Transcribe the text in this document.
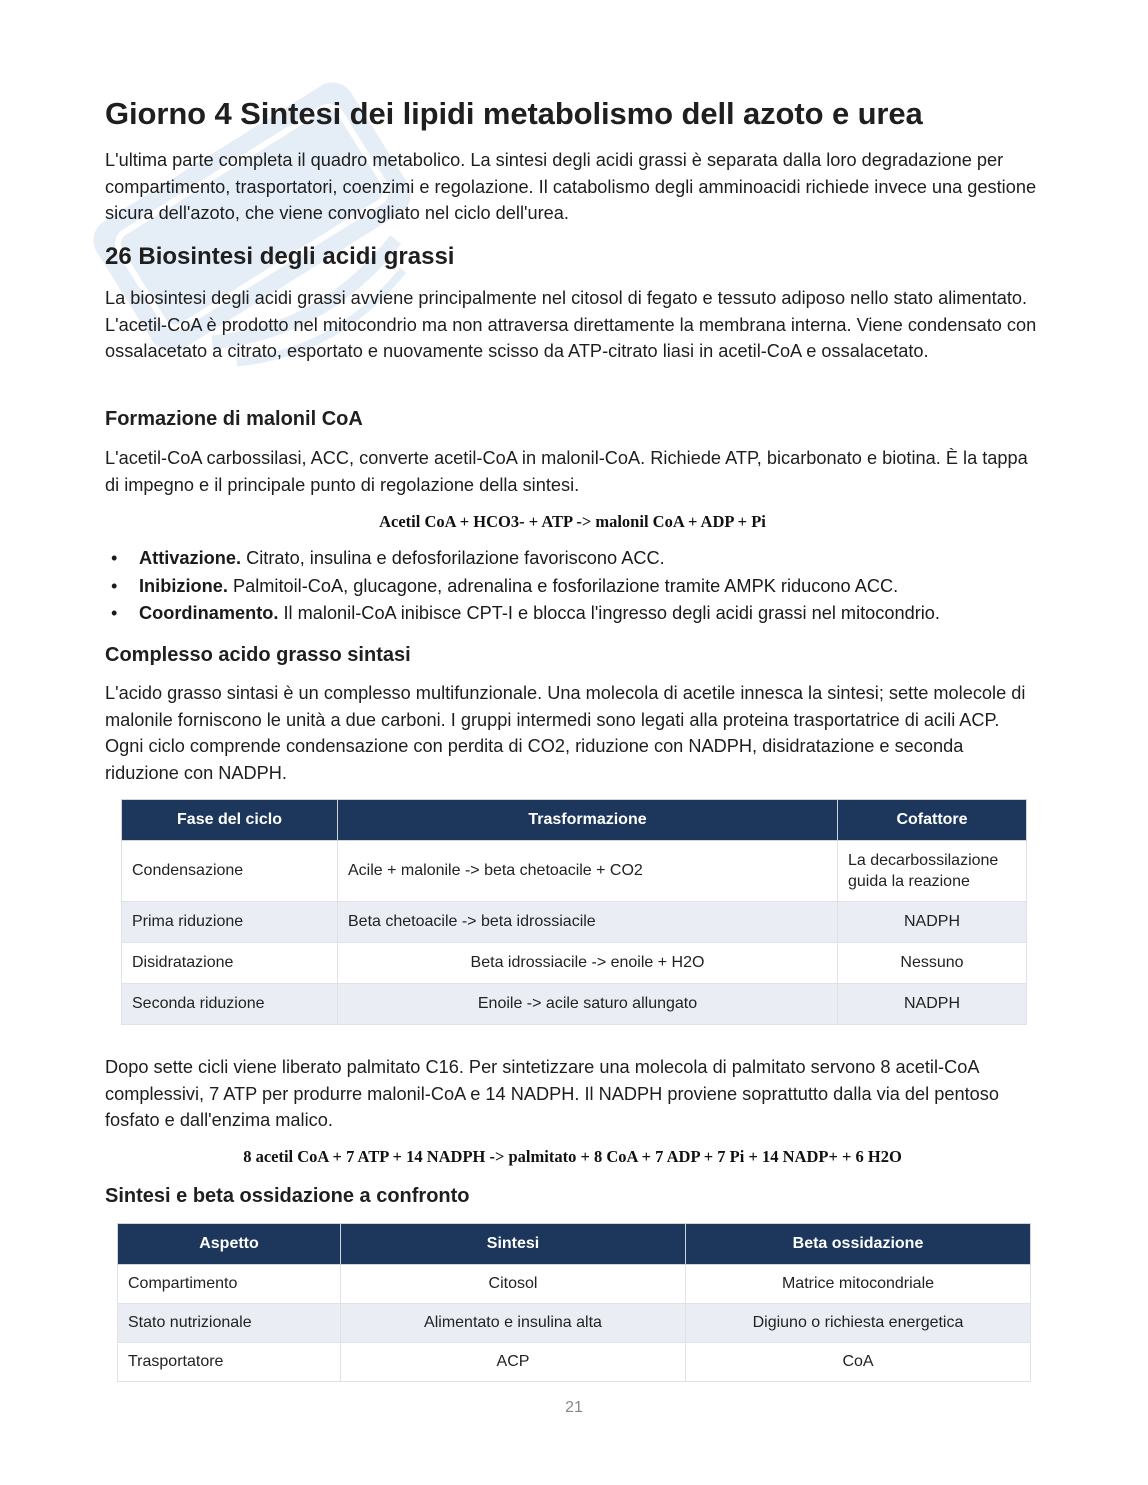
Giorno 4 Sintesi dei lipidi metabolismo dell azoto e urea

L'ultima parte completa il quadro metabolico. La sintesi degli acidi grassi è separata dalla loro degradazione per compartimento, trasportatori, coenzimi e regolazione. Il catabolismo degli amminoacidi richiede invece una gestione sicura dell'azoto, che viene convogliato nel ciclo dell'urea.

26 Biosintesi degli acidi grassi

La biosintesi degli acidi grassi avviene principalmente nel citosol di fegato e tessuto adiposo nello stato alimentato. L'acetil-CoA è prodotto nel mitocondrio ma non attraversa direttamente la membrana interna. Viene condensato con ossalacetato a citrato, esportato e nuovamente scisso da ATP-citrato liasi in acetil-CoA e ossalacetato.

Formazione di malonil CoA

L'acetil-CoA carbossilasi, ACC, converte acetil-CoA in malonil-CoA. Richiede ATP, bicarbonato e biotina. È la tappa di impegno e il principale punto di regolazione della sintesi.

Acetil CoA + HCO3- + ATP -> malonil CoA + ADP + Pi

• Attivazione. Citrato, insulina e defosforilazione favoriscono ACC.
• Inibizione. Palmitoil-CoA, glucagone, adrenalina e fosforilazione tramite AMPK riducono ACC.
• Coordinamento. Il malonil-CoA inibisce CPT-I e blocca l'ingresso degli acidi grassi nel mitocondrio.
Complesso acido grasso sintasi

L'acido grasso sintasi è un complesso multifunzionale. Una molecola di acetile innesca la sintesi; sette molecole di malonile forniscono le unità a due carboni. I gruppi intermedi sono legati alla proteina trasportatrice di acili ACP. Ogni ciclo comprende condensazione con perdita di CO2, riduzione con NADPH, disidratazione e seconda riduzione con NADPH.

Fase del ciclo	Trasformazione	Cofattore
Condensazione	Acile + malonile -> beta chetoacile + CO2	La decarbossilazione guida la reazione
Prima riduzione	Beta chetoacile -> beta idrossiacile	NADPH
Disidratazione	Beta idrossiacile -> enoile + H2O	Nessuno
Seconda riduzione	Enoile -> acile saturo allungato	NADPH

Dopo sette cicli viene liberato palmitato C16. Per sintetizzare una molecola di palmitato servono 8 acetil-CoA complessivi, 7 ATP per produrre malonil-CoA e 14 NADPH. Il NADPH proviene soprattutto dalla via del pentoso fosfato e dall'enzima malico.

8 acetil CoA + 7 ATP + 14 NADPH -> palmitato + 8 CoA + 7 ADP + 7 Pi + 14 NADP+ + 6 H2O

Sintesi e beta ossidazione a confronto
Aspetto	Sintesi	Beta ossidazione
Compartimento	Citosol	Matrice mitocondriale
Stato nutrizionale	Alimentato e insulina alta	Digiuno o richiesta energetica
Trasportatore	ACP	CoA
21
